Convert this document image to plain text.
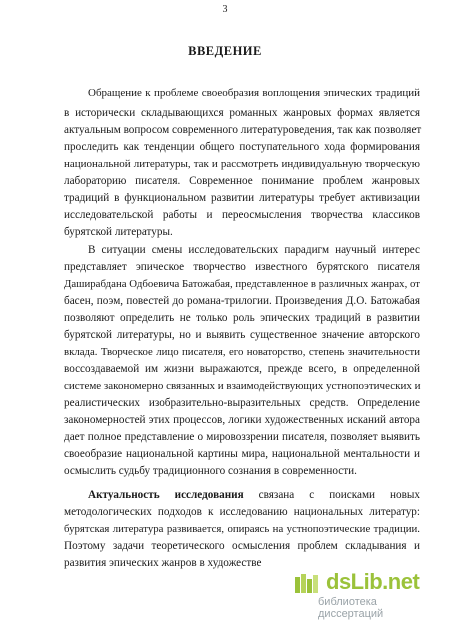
3
ВВЕДЕНИЕ
Обращение к проблеме своеобразия воплощения эпических традиций
в исторически складывающихся романных жанровых формах является
актуальным вопросом современного литературоведения, так как позволяет
проследить как тенденции общего поступательного хода формирования
национальной литературы, так и рассмотреть индивидуальную творческую
лабораторию писателя. Современное понимание проблем жанровых
традиций в функциональном развитии литературы требует активизации
исследовательской работы и переосмысления творчества классиков
бурятской литературы.
В ситуации смены исследовательских парадигм научный интерес
представляет эпическое творчество известного бурятского писателя
Даширабдана Одбоевича Батожабая, представленное в различных жанрах, от
басен, поэм, повестей до романа-трилогии. Произведения Д.О. Батожабая
позволяют определить не только роль эпических традиций в развитии
бурятской литературы, но и выявить существенное значение авторского
вклада. Творческое лицо писателя, его новаторство, степень значительности
воссоздаваемой им жизни выражаются, прежде всего, в определенной
системе закономерно связанных и взаимодействующих устнопоэтических и
реалистических изобразительно-выразительных средств. Определение
закономерностей этих процессов, логики художественных исканий автора
дает полное представление о мировоззрении писателя, позволяет выявить
своеобразие национальной картины мира, национальной ментальности и
осмыслить судьбу традиционного сознания в современности.
Актуальность исследования связана с поисками новых
методологических подходов к исследованию национальных литератур:
бурятская литература развивается, опираясь на устнопоэтические традиции.
Поэтому задачи теоретического осмысления проблем складывания и
развития эпических жанров в художестве
dsLib.net
библиотека диссертаций
